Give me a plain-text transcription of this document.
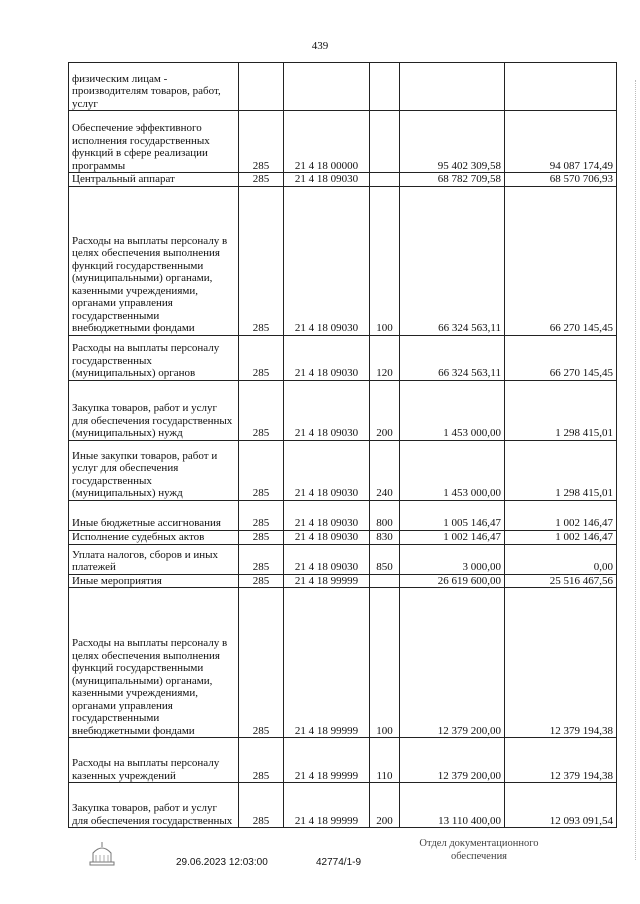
439
физическим лицам - производителям товаров, работ, услуг					
Обеспечение эффективного исполнения государственных функций в сфере реализации программы	285	21 4 18 00000		95 402 309,58	94 087 174,49
Центральный аппарат	285	21 4 18 09030		68 782 709,58	68 570 706,93
Расходы на выплаты персоналу в целях обеспечения выполнения функций государственными (муниципальными) органами, казенными учреждениями, органами управления государственными внебюджетными фондами	285	21 4 18 09030	100	66 324 563,11	66 270 145,45
Расходы на выплаты персоналу государственных (муниципальных) органов	285	21 4 18 09030	120	66 324 563,11	66 270 145,45
Закупка товаров, работ и услуг для обеспечения государственных (муниципальных) нужд	285	21 4 18 09030	200	1 453 000,00	1 298 415,01
Иные закупки товаров, работ и услуг для обеспечения государственных (муниципальных) нужд	285	21 4 18 09030	240	1 453 000,00	1 298 415,01
Иные бюджетные ассигнования	285	21 4 18 09030	800	1 005 146,47	1 002 146,47
Исполнение судебных актов	285	21 4 18 09030	830	1 002 146,47	1 002 146,47
Уплата налогов, сборов и иных платежей	285	21 4 18 09030	850	3 000,00	0,00
Иные мероприятия	285	21 4 18 99999		26 619 600,00	25 516 467,56
Расходы на выплаты персоналу в целях обеспечения выполнения функций государственными (муниципальными) органами, казенными учреждениями, органами управления государственными внебюджетными фондами	285	21 4 18 99999	100	12 379 200,00	12 379 194,38
Расходы на выплаты персоналу казенных учреждений	285	21 4 18 99999	110	12 379 200,00	12 379 194,38
Закупка товаров, работ и услуг для обеспечения государственных	285	21 4 18 99999	200	13 110 400,00	12 093 091,54
29.06.2023 12:03:00	42774/1-9
Отдел документационного
обеспечения
